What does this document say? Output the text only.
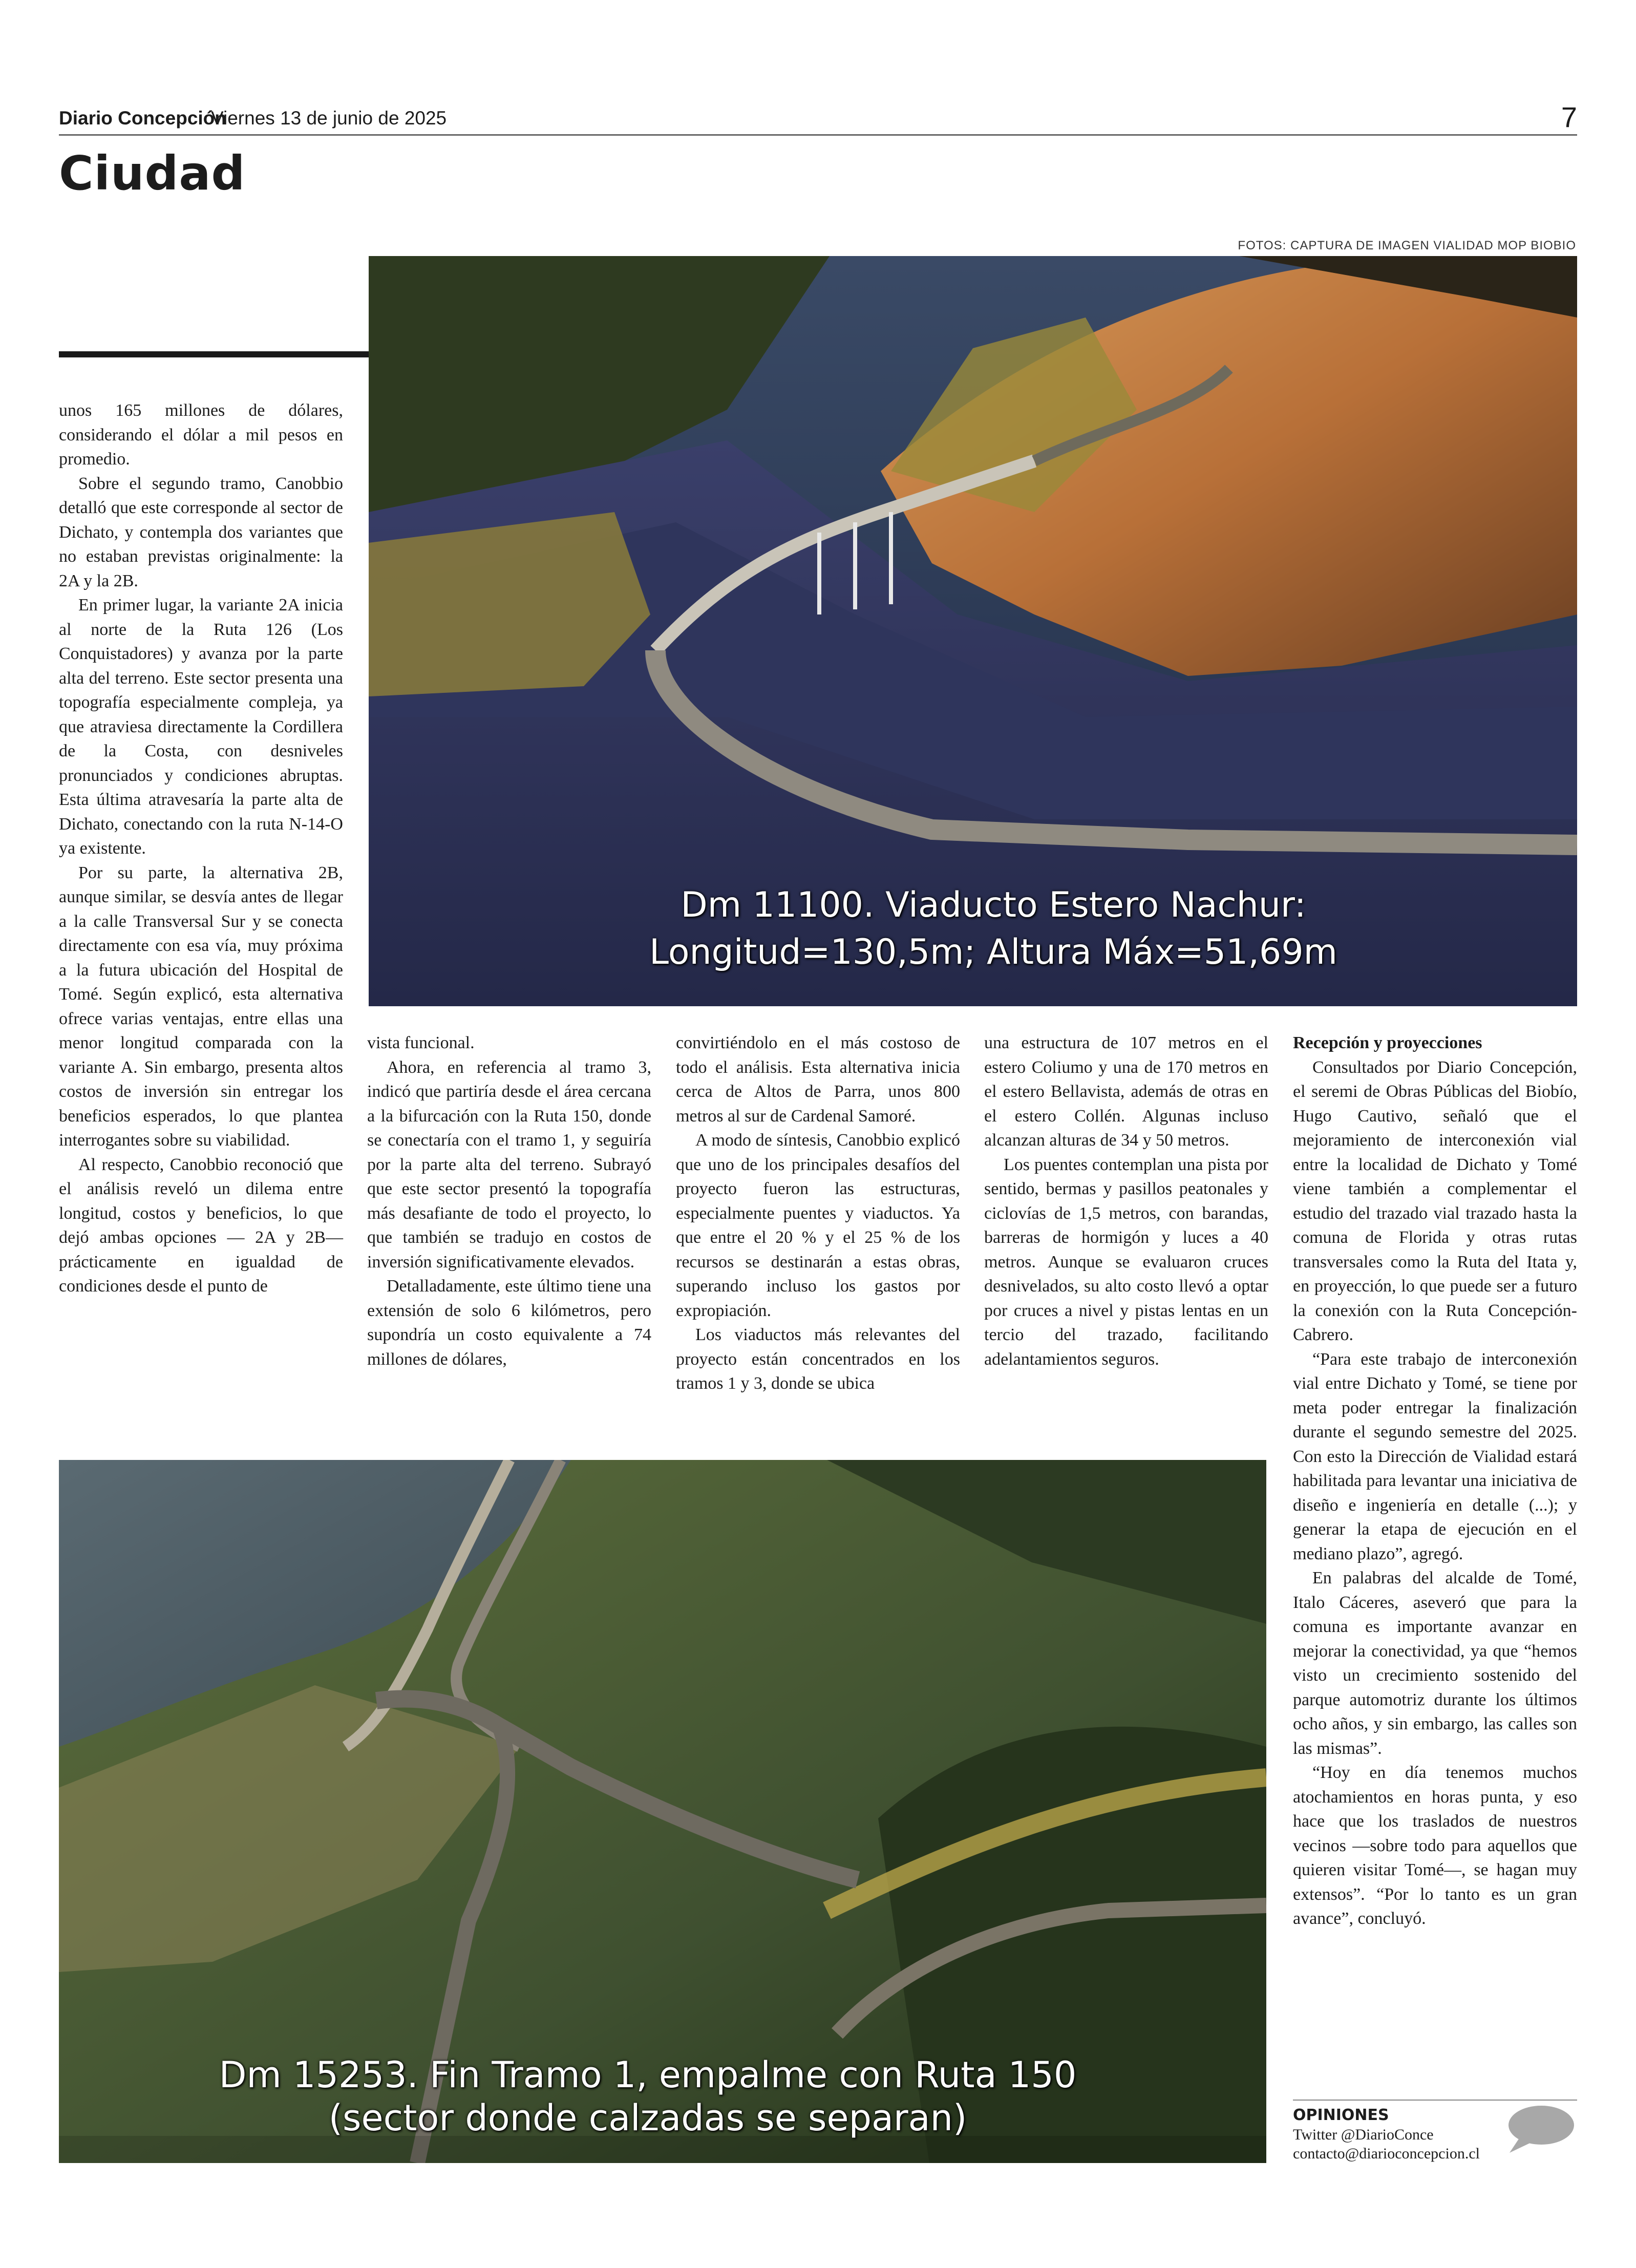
Diario Concepción
Viernes 13 de junio de 2025	7
Ciudad
FOTOS: CAPTURA DE IMAGEN VIALIDAD MOP BIOBIO
Dm 11100. Viaducto Estero Nachur:
Longitud=130,5m; Altura Máx=51,69m

unos 165 millones de dólares, considerando el dólar a mil pesos en promedio.

Sobre el segundo tramo, Canobbio detalló que este corresponde al sector de Dichato, y contempla dos variantes que no estaban previstas originalmente: la 2A y la 2B.

En primer lugar, la variante 2A inicia al norte de la Ruta 126 (Los Conquistadores) y avanza por la parte alta del terreno. Este sector presenta una topografía especialmente compleja, ya que atraviesa directamente la Cordillera de la Costa, con desniveles pronunciados y condiciones abruptas. Esta última atravesaría la parte alta de Dichato, conectando con la ruta N-14-O ya existente.

Por su parte, la alternativa 2B, aunque similar, se desvía antes de llegar a la calle Transversal Sur y se conecta directamente con esa vía, muy próxima a la futura ubicación del Hospital de Tomé. Según explicó, esta alternativa ofrece varias ventajas, entre ellas una menor longitud comparada con la variante A. Sin embargo, presenta altos costos de inversión sin entregar los beneficios esperados, lo que plantea interrogantes sobre su viabilidad.

Al respecto, Canobbio reconoció que el análisis reveló un dilema entre longitud, costos y beneficios, lo que dejó ambas opciones — 2A y 2B— prácticamente en igualdad de condiciones desde el punto de

vista funcional.

Ahora, en referencia al tramo 3, indicó que partiría desde el área cercana a la bifurcación con la Ruta 150, donde se conectaría con el tramo 1, y seguiría por la parte alta del terreno. Subrayó que este sector presentó la topografía más desafiante de todo el proyecto, lo que también se tradujo en costos de inversión significativamente elevados.

Detalladamente, este último tiene una extensión de solo 6 kilómetros, pero supondría un costo equivalente a 74 millones de dólares,

convirtiéndolo en el más costoso de todo el análisis. Esta alternativa inicia cerca de Altos de Parra, unos 800 metros al sur de Cardenal Samoré.

A modo de síntesis, Canobbio explicó que uno de los principales desafíos del proyecto fueron las estructuras, especialmente puentes y viaductos. Ya que entre el 20 % y el 25 % de los recursos se destinarán a estas obras, superando incluso los gastos por expropiación.

Los viaductos más relevantes del proyecto están concentrados en los tramos 1 y 3, donde se ubica

una estructura de 107 metros en el estero Coliumo y una de 170 metros en el estero Bellavista, además de otras en el estero Collén. Algunas incluso alcanzan alturas de 34 y 50 metros.

Los puentes contemplan una pista por sentido, bermas y pasillos peatonales y ciclovías de 1,5 metros, con barandas, barreras de hormigón y luces a 40 metros. Aunque se evaluaron cruces desnivelados, su alto costo llevó a optar por cruces a nivel y pistas lentas en un tercio del trazado, facilitando adelantamientos seguros.

Recepción y proyecciones

Consultados por Diario Concepción, el seremi de Obras Públicas del Biobío, Hugo Cautivo, señaló que el mejoramiento de interconexión vial entre la localidad de Dichato y Tomé viene también a complementar el estudio del trazado vial trazado hasta la comuna de Florida y otras rutas transversales como la Ruta del Itata y, en proyección, lo que puede ser a futuro la conexión con la Ruta Concepción-Cabrero.

“Para este trabajo de interconexión vial entre Dichato y Tomé, se tiene por meta poder entregar la finalización durante el segundo semestre del 2025. Con esto la Dirección de Vialidad estará habilitada para levantar una iniciativa de diseño e ingeniería en detalle (...); y generar la etapa de ejecución en el mediano plazo”, agregó.

En palabras del alcalde de Tomé, Italo Cáceres, aseveró que para la comuna es importante avanzar en mejorar la conectividad, ya que “hemos visto un crecimiento sostenido del parque automotriz durante los últimos ocho años, y sin embargo, las calles son las mismas”.

“Hoy en día tenemos muchos atochamientos en horas punta, y eso hace que los traslados de nuestros vecinos —sobre todo para aquellos que quieren visitar Tomé—, se hagan muy extensos”. “Por lo tanto es un gran avance”, concluyó.

Dm 15253. Fin Tramo 1, empalme con Ruta 150
(sector donde calzadas se separan)	OPINIONES
Twitter @DiarioConce
contacto@diarioconcepcion.cl
